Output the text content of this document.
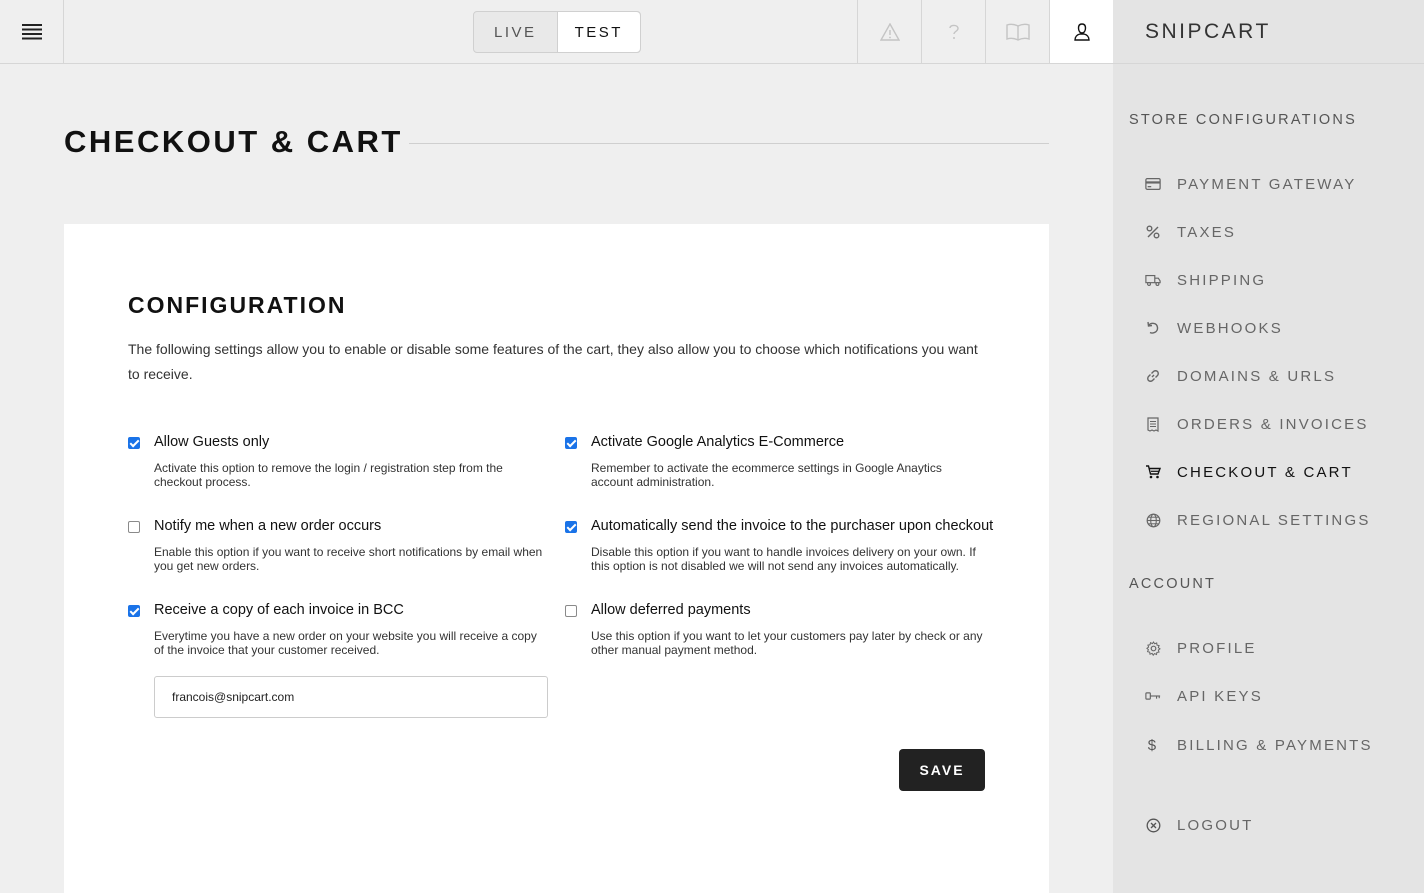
LIVE	TEST	SNIPCART
STORE CONFIGURATIONS
PAYMENT GATEWAY
TAXES
SHIPPING
WEBHOOKS
DOMAINS & URLS
ORDERS & INVOICES
CHECKOUT & CART
REGIONAL SETTINGS
ACCOUNT
PROFILE
API KEYS
$ BILLING & PAYMENTS
LOGOUT
CHECKOUT & CART
CONFIGURATION

The following settings allow you to enable or disable some features of the cart, they also allow you to choose which notifications you want to receive.

Allow Guests only
Activate this option to remove the login / registration step from the checkout process.
Activate Google Analytics E-Commerce
Remember to activate the ecommerce settings in Google Anaytics account administration.
Notify me when a new order occurs
Enable this option if you want to receive short notifications by email when you get new orders.
Automatically send the invoice to the purchaser upon checkout
Disable this option if you want to handle invoices delivery on your own. If this option is not disabled we will not send any invoices automatically.
Receive a copy of each invoice in BCC
Everytime you have a new order on your website you will receive a copy of the invoice that your customer received.
Allow deferred payments
Use this option if you want to let your customers pay later by check or any other manual payment method.
francois@snipcart.com
SAVE
